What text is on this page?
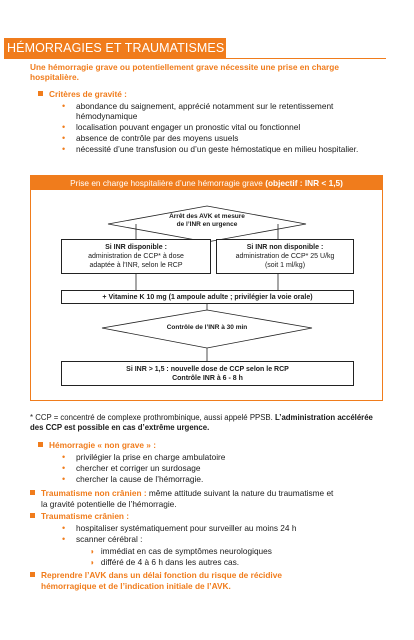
HÉMORRAGIES ET TRAUMATISMES
Une hémorragie grave ou potentiellement grave nécessite une prise en charge hospitalière.
Critères de gravité :
• abondance du saignement, apprécié notamment sur le retentissement hémodynamique
• localisation pouvant engager un pronostic vital ou fonctionnel
• absence de contrôle par des moyens usuels
• nécessité d’une transfusion ou d’un geste hémostatique en milieu hospitalier.
Prise en charge hospitalière d’une hémorragie grave (objectif : INR < 1,5)
Arrêt des AVK et mesure
de l’INR en urgence
Si INR disponible :
administration de CCP* à dose
adaptée à l’INR, selon le RCP
Si INR non disponible :
administration de CCP* 25 U/kg
(soit 1 ml/kg)
+ Vitamine K 10 mg (1 ampoule adulte ; privilégier la voie orale)
Contrôle de l’INR à 30 min
Si INR > 1,5 : nouvelle dose de CCP selon le RCP
Contrôle INR à 6 - 8 h
* CCP = concentré de complexe prothrombinique, aussi appelé PPSB. L’administration accélérée des CCP est possible en cas d’extrême urgence.
Hémorragie « non grave » :
• privilégier la prise en charge ambulatoire
• chercher et corriger un surdosage
• chercher la cause de l’hémorragie.
Traumatisme non crânien : même attitude suivant la nature du traumatisme et
la gravité potentielle de l’hémorragie.
Traumatisme crânien :
• hospitaliser systématiquement pour surveiller au moins 24 h
• scanner cérébral :
◗ immédiat en cas de symptômes neurologiques
◗ différé de 4 à 6 h dans les autres cas.
Reprendre l’AVK dans un délai fonction du risque de récidive
hémorragique et de l’indication initiale de l’AVK.
